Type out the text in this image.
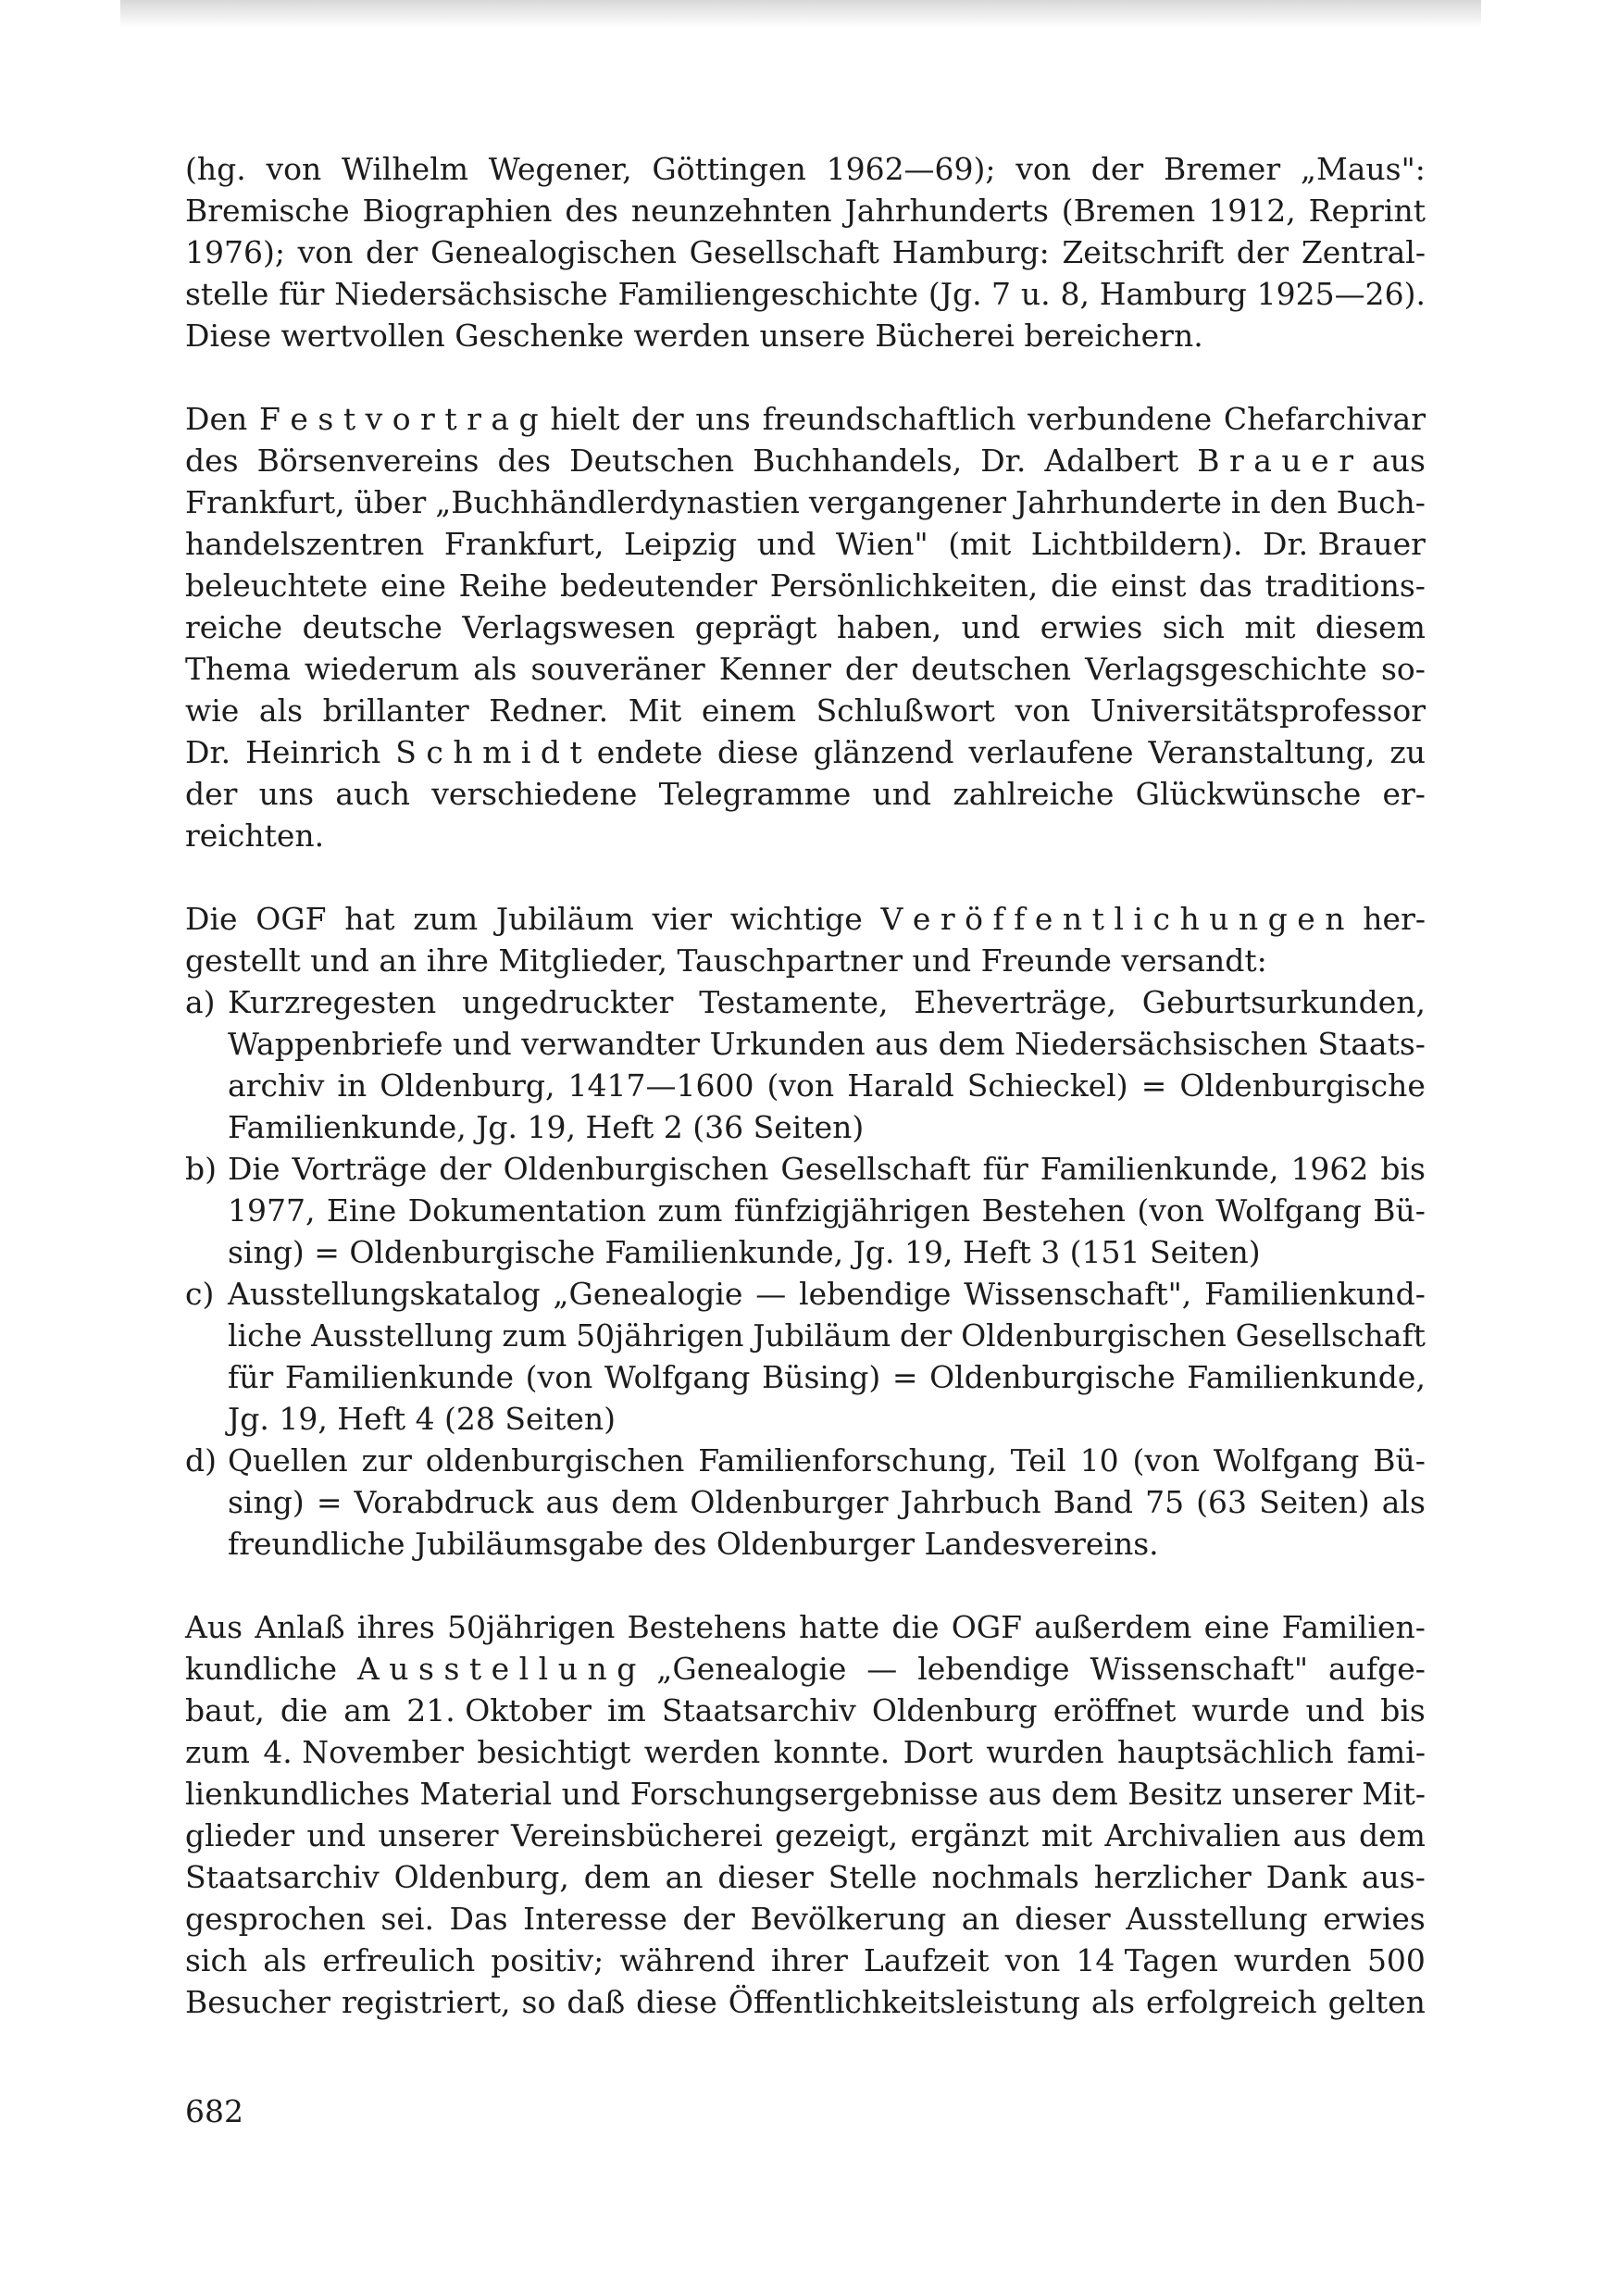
(hg. von Wilhelm Wegener, Göttingen 1962—69); von der Bremer „Maus":
Bremische Biographien des neunzehnten Jahrhunderts (Bremen 1912, Reprint
1976); von der Genealogischen Gesellschaft Hamburg: Zeitschrift der Zentral-
stelle für Niedersächsische Familiengeschichte (Jg. 7 u. 8, Hamburg 1925—26).
Diese wertvollen Geschenke werden unsere Bücherei bereichern.
Den F e s t v o r t r a g hielt der uns freundschaftlich verbundene Chefarchivar
des Börsenvereins des Deutschen Buchhandels, Dr. Adalbert B r a u e r aus
Frankfurt, über „Buchhändlerdynastien vergangener Jahrhunderte in den Buch-
handelszentren Frankfurt, Leipzig und Wien" (mit Lichtbildern). Dr. Brauer
beleuchtete eine Reihe bedeutender Persönlichkeiten, die einst das traditions-
reiche deutsche Verlagswesen geprägt haben, und erwies sich mit diesem
Thema wiederum als souveräner Kenner der deutschen Verlagsgeschichte so-
wie als brillanter Redner. Mit einem Schlußwort von Universitätsprofessor
Dr. Heinrich S c h m i d t endete diese glänzend verlaufene Veranstaltung, zu
der uns auch verschiedene Telegramme und zahlreiche Glückwünsche er-
reichten.
Die OGF hat zum Jubiläum vier wichtige V e r ö f f e n t l i c h u n g e n her-
gestellt und an ihre Mitglieder, Tauschpartner und Freunde versandt:
a) Kurzregesten ungedruckter Testamente, Eheverträge, Geburtsurkunden,
Wappenbriefe und verwandter Urkunden aus dem Niedersächsischen Staats-
archiv in Oldenburg, 1417—1600 (von Harald Schieckel) = Oldenburgische
Familienkunde, Jg. 19, Heft 2 (36 Seiten)
b) Die Vorträge der Oldenburgischen Gesellschaft für Familienkunde, 1962 bis
1977, Eine Dokumentation zum fünfzigjährigen Bestehen (von Wolfgang Bü-
sing) = Oldenburgische Familienkunde, Jg. 19, Heft 3 (151 Seiten)
c) Ausstellungskatalog „Genealogie — lebendige Wissenschaft", Familienkund-
liche Ausstellung zum 50jährigen Jubiläum der Oldenburgischen Gesellschaft
für Familienkunde (von Wolfgang Büsing) = Oldenburgische Familienkunde,
Jg. 19, Heft 4 (28 Seiten)
d) Quellen zur oldenburgischen Familienforschung, Teil 10 (von Wolfgang Bü-
sing) = Vorabdruck aus dem Oldenburger Jahrbuch Band 75 (63 Seiten) als
freundliche Jubiläumsgabe des Oldenburger Landesvereins.
Aus Anlaß ihres 50jährigen Bestehens hatte die OGF außerdem eine Familien-
kundliche A u s s t e l l u n g „Genealogie — lebendige Wissenschaft" aufge-
baut, die am 21. Oktober im Staatsarchiv Oldenburg eröffnet wurde und bis
zum 4. November besichtigt werden konnte. Dort wurden hauptsächlich fami-
lienkundliches Material und Forschungsergebnisse aus dem Besitz unserer Mit-
glieder und unserer Vereinsbücherei gezeigt, ergänzt mit Archivalien aus dem
Staatsarchiv Oldenburg, dem an dieser Stelle nochmals herzlicher Dank aus-
gesprochen sei. Das Interesse der Bevölkerung an dieser Ausstellung erwies
sich als erfreulich positiv; während ihrer Laufzeit von 14 Tagen wurden 500
Besucher registriert, so daß diese Öffentlichkeitsleistung als erfolgreich gelten
682
